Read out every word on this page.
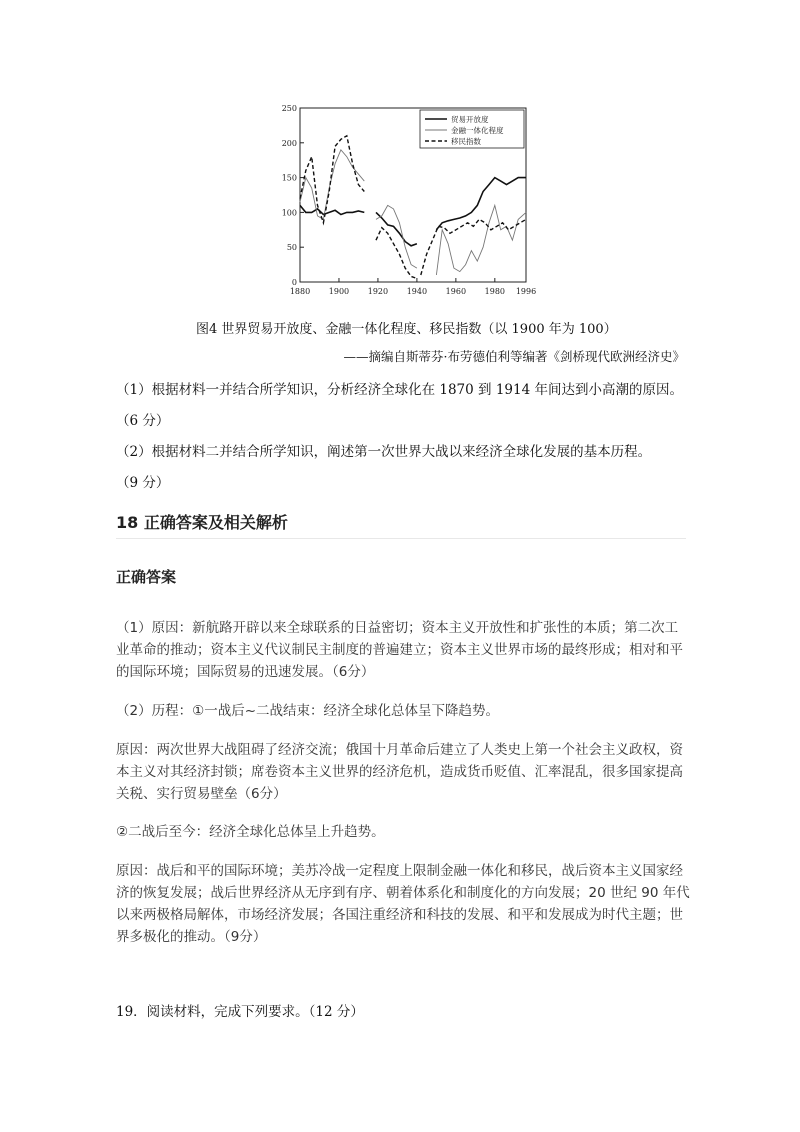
0
50
100
150
200
250
1880 1900 1920 1940 1960 1980 1996
贸易开放度
金融一体化程度
移民指数
图4 世界贸易开放度、金融一体化程度、移民指数（以 1900 年为 100）
——摘编自斯蒂芬·布劳德伯利等编著《剑桥现代欧洲经济史》
（1）根据材料一并结合所学知识，分析经济全球化在 1870 到 1914 年间达到小高潮的原因。
（6 分）
（2）根据材料二并结合所学知识，阐述第一次世界大战以来经济全球化发展的基本历程。
（9 分）
18 正确答案及相关解析
正确答案
（1）原因：新航路开辟以来全球联系的日益密切；资本主义开放性和扩张性的本质；第二次工业革命的推动；资本主义代议制民主制度的普遍建立；资本主义世界市场的最终形成；相对和平的国际环境；国际贸易的迅速发展。（6分）
（2）历程：①一战后~二战结束：经济全球化总体呈下降趋势。
原因：两次世界大战阻碍了经济交流；俄国十月革命后建立了人类史上第一个社会主义政权，资本主义对其经济封锁；席卷资本主义世界的经济危机，造成货币贬值、汇率混乱，很多国家提高关税、实行贸易壁垒（6分）
②二战后至今：经济全球化总体呈上升趋势。
原因：战后和平的国际环境；美苏冷战一定程度上限制金融一体化和移民，战后资本主义国家经济的恢复发展；战后世界经济从无序到有序、朝着体系化和制度化的方向发展；20 世纪 90 年代以来两极格局解体，市场经济发展；各国注重经济和科技的发展、和平和发展成为时代主题；世界多极化的推动。（9分）
19．阅读材料，完成下列要求。（12 分）
